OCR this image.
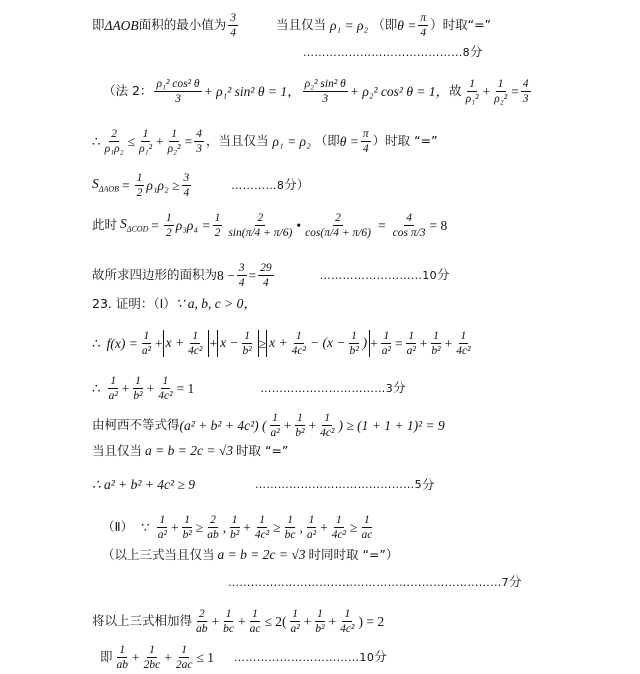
即 ΔAOB 面积的最小值为 $\frac{3}{4}$	当且仅当 ρ₁ = ρ₂ （即 $\theta = \frac{\pi}{4}$ ）时取“=”
……………………………………8 分
（法 2： $\frac{\text{ρ₁² cos² θ}}{3} + \rho_1^2$ sin² θ = 1， $\frac{\text{ρ₂² sin² θ}}{3} + \rho_2^2$ cos² θ = 1， 故 $\frac{1}{\text{ρ₁²}} + \frac{1}{\text{ρ₂²}} = \frac{4}{3}$
∴ $\frac{2}{\text{ρ₁ρ₂}} \le \frac{1}{\text{ρ₁²}} + \frac{1}{\text{ρ₂²}} = \frac{4}{3}$ ，当且仅当 ρ₁ = ρ₂ （即 $\theta = \frac{\pi}{4}$ ）时取 “=”
$S_{\Delta AOB} = \frac{1}{2} \rho_1\rho_2 \ge \frac{3}{4}$	…………8 分）
此时 $S_{\Delta COD} = \frac{1}{2} \rho_3\rho_4 = \frac{1}{2} \frac{2}{\sin(\pi/4 + \pi/6)}$ • $\frac{2}{\cos(\pi/4 + \pi/6)} = \frac{4}{\text{cos π/3}} = 8$
故所求四边形的面积为 $8 - \frac{3}{4} = \frac{29}{4}$	………………………10 分
23. 证明：（Ⅰ） ∵ a, b, c > 0，
∴ $f(x) = \frac{1}{\text{a²}} + x + \frac{1}{\text{4c²}} + x - \frac{1}{\text{b²}} \ge x + \frac{1}{\text{4c²}} - (x - \frac{1}{\text{b²}}$ ) + $\frac{1}{\text{a²}} = \frac{1}{\text{a²}} + \frac{1}{\text{b²}} + \frac{1}{\text{4c²}}$
∴ $\frac{1}{\text{a²}} + \frac{1}{\text{b²}} + \frac{1}{\text{4c²}} = 1$	……………………………3 分
由柯西不等式得 (a² + b² + 4c²) ( $\frac{1}{\text{a²}} + \frac{1}{\text{b²}} + \frac{1}{\text{4c²}}$ ) ≥ (1 + 1 + 1)² = 9
当且仅当 a = b = 2c = √3 时取 “=”
∴ a² + b² + 4c² ≥ 9	……………………………………5 分
（Ⅱ） ∵ $\frac{1}{\text{a²}} + \frac{1}{\text{b²}} \ge \frac{2}{ab}$ , $\frac{1}{\text{b²}} + \frac{1}{\text{4c²}} \ge \frac{1}{bc}$ , $\frac{1}{\text{a²}} + \frac{1}{\text{4c²}} \ge \frac{1}{ac}$
（以上三式当且仅当 a = b = 2c = √3 时同时取 “=”）
………………………………………………………………7 分
将以上三式相加得 $\frac{2}{ab} + \frac{1}{bc} + \frac{1}{ac} \le 2( \frac{1}{\text{a²}} + \frac{1}{\text{b²}} + \frac{1}{\text{4c²}}$ ) = 2
即 $\frac{1}{ab} + \frac{1}{2bc} + \frac{1}{2ac} \le 1$ ……………………………10 分
